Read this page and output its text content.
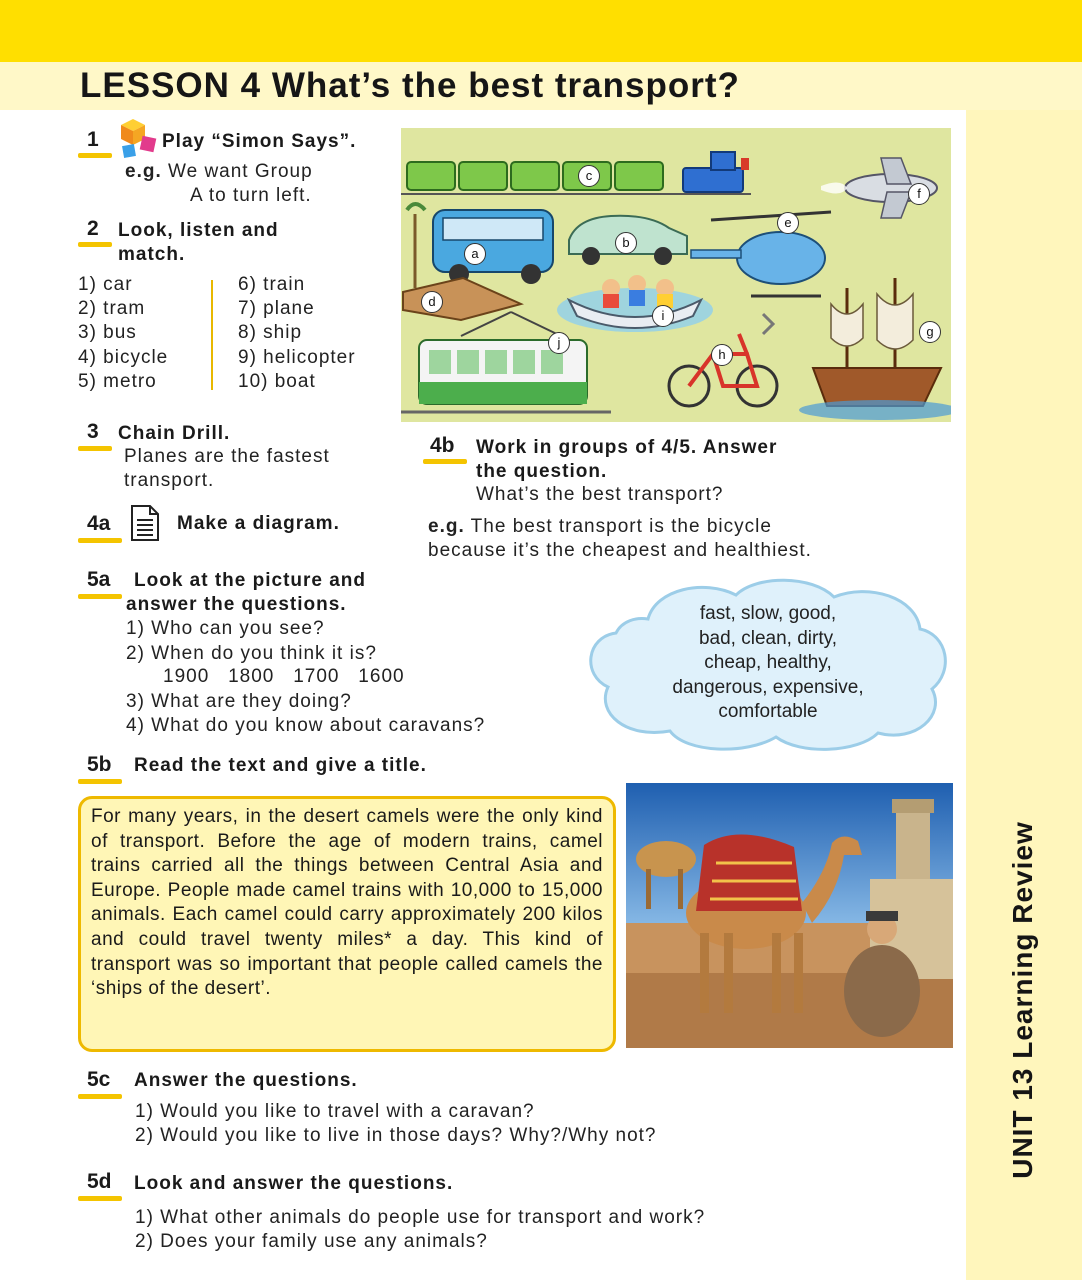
LESSON 4 What’s the best transport?
1	Play “Simon Says”.
e.g. We want Group
A to turn left.
2 Look, listen and
match.
1) car
2) tram
3) bus
4) bicycle
5) metro
6) train
7) plane
8) ship
9) helicopter
10) boat
a
b
c
d
e
f
g
h
i
j
3 Chain Drill.
Planes are the fastest
transport.
4b Work in groups of 4/5. Answer
the question.
What’s the best transport?
e.g. The best transport is the bicycle
because it’s the cheapest and healthiest.
4a	Make a diagram.
5a Look at the picture and
answer the questions.
1) Who can you see?
2) When do you think it is?
1900   1800   1700   1600
3) What are they doing?
4) What do you know about caravans?
fast, slow, good,
bad, clean, dirty,
cheap, healthy,
dangerous, expensive,
comfortable
5b Read the text and give a title.

For many years, in the desert camels were the only kind of transport. Before the age of modern trains, camel trains carried all the things between Central Asia and Europe. People made camel trains with 10,000 to 15,000 animals. Each camel could carry approximately 200 kilos and could travel twenty miles* a day. This kind of transport was so important that people called camels the ‘ships of the desert’.

5c Answer the questions.
1) Would you like to travel with a caravan?
2) Would you like to live in those days? Why?/Why not?
5d Look and answer the questions.
1) What other animals do people use for transport and work?
2) Does your family use any animals?
UNIT 13 Learning Review
